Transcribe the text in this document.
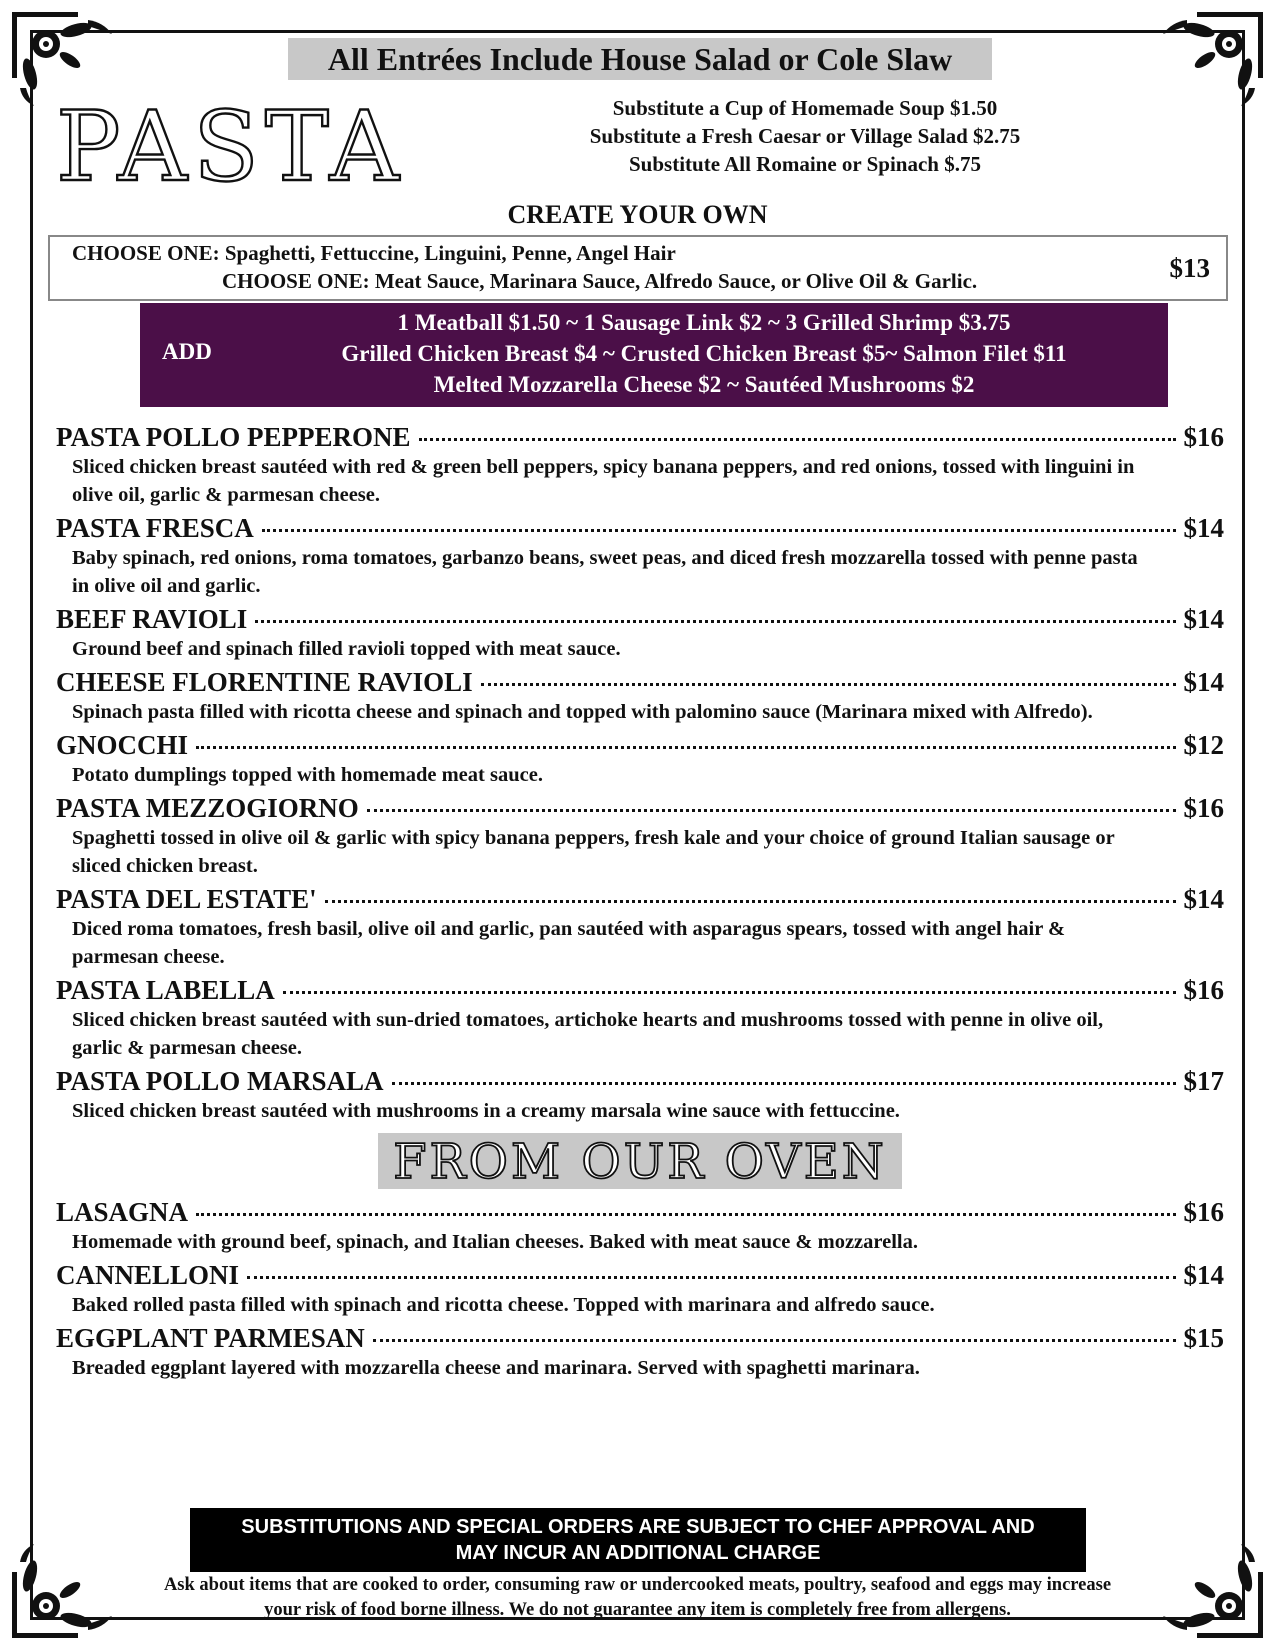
All Entrées Include House Salad or Cole Slaw
PASTA	Substitute a Cup of Homemade Soup $1.50
Substitute a Fresh Caesar or Village Salad $2.75
Substitute All Romaine or Spinach $.75
CREATE YOUR OWN
CHOOSE ONE: Spaghetti, Fettuccine, Linguini, Penne, Angel Hair
CHOOSE ONE: Meat Sauce, Marinara Sauce, Alfredo Sauce, or Olive Oil & Garlic.	$13
ADD
1 Meatball $1.50 ~ 1 Sausage Link $2 ~ 3 Grilled Shrimp $3.75
Grilled Chicken Breast $4 ~ Crusted Chicken Breast $5~ Salmon Filet $11
Melted Mozzarella Cheese $2 ~ Sautéed Mushrooms $2
PASTA POLLO PEPPERONE	$16
Sliced chicken breast sautéed with red & green bell peppers, spicy banana peppers, and red onions, tossed with linguini in olive oil, garlic & parmesan cheese.
PASTA FRESCA	$14
Baby spinach, red onions, roma tomatoes, garbanzo beans, sweet peas, and diced fresh mozzarella tossed with penne pasta in olive oil and garlic.
BEEF RAVIOLI	$14
Ground beef and spinach filled ravioli topped with meat sauce.
CHEESE FLORENTINE RAVIOLI	$14
Spinach pasta filled with ricotta cheese and spinach and topped with palomino sauce (Marinara mixed with Alfredo).
GNOCCHI	$12
Potato dumplings topped with homemade meat sauce.
PASTA MEZZOGIORNO	$16
Spaghetti tossed in olive oil & garlic with spicy banana peppers, fresh kale and your choice of ground Italian sausage or sliced chicken breast.
PASTA DEL ESTATE'	$14
Diced roma tomatoes, fresh basil, olive oil and garlic, pan sautéed with asparagus spears, tossed with angel hair & parmesan cheese.
PASTA LABELLA	$16
Sliced chicken breast sautéed with sun-dried tomatoes, artichoke hearts and mushrooms tossed with penne in olive oil, garlic & parmesan cheese.
PASTA POLLO MARSALA	$17
Sliced chicken breast sautéed with mushrooms in a creamy marsala wine sauce with fettuccine.
FROM OUR OVEN
LASAGNA	$16
Homemade with ground beef, spinach, and Italian cheeses. Baked with meat sauce & mozzarella.
CANNELLONI	$14
Baked rolled pasta filled with spinach and ricotta cheese. Topped with marinara and alfredo sauce.
EGGPLANT PARMESAN	$15
Breaded eggplant layered with mozzarella cheese and marinara. Served with spaghetti marinara.
SUBSTITUTIONS AND SPECIAL ORDERS ARE SUBJECT TO CHEF APPROVAL AND
MAY INCUR AN ADDITIONAL CHARGE
Ask about items that are cooked to order, consuming raw or undercooked meats, poultry, seafood and eggs may increase
your risk of food borne illness. We do not guarantee any item is completely free from allergens.
